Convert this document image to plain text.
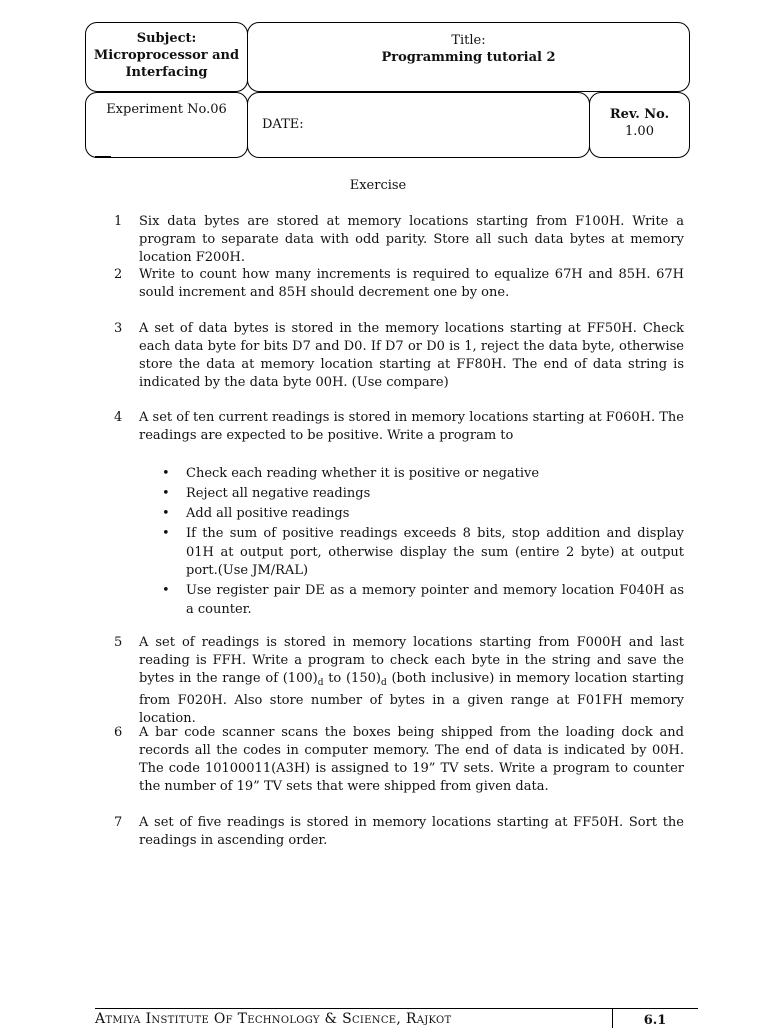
Subject:
Microprocessor and
Interfacing
Title:
Programming tutorial 2
Experiment No.06
DATE:
Rev. No.
1.00
Exercise
1	Six data bytes are stored at memory locations starting from F100H. Write a program to separate data with odd parity. Store all such data bytes at memory location F200H.
2	Write to count how many increments is required to equalize 67H and 85H. 67H sould increment and 85H should decrement one by one.
3	A set of data bytes is stored in the memory locations starting at FF50H. Check each data byte for bits D7 and D0. If D7 or D0 is 1, reject the data byte, otherwise store the data at memory location starting at FF80H. The end of data string is indicated by the data byte 00H. (Use compare)
4	A set of ten current readings is stored in memory locations starting at F060H. The readings are expected to be positive. Write a program to
• Check each reading whether it is positive or negative
• Reject all negative readings
• Add all positive readings
• If the sum of positive readings exceeds 8 bits, stop addition and display 01H at output port, otherwise display the sum (entire 2 byte) at output port.(Use JM/RAL)
• Use register pair DE as a memory pointer and memory location F040H as a counter.
5	A set of readings is stored in memory locations starting from F000H and last reading is FFH. Write a program to check each byte in the string and save the bytes in the range of $(100)_d$ to $(150)_d$ (both inclusive) in memory location starting from F020H. Also store number of bytes in a given range at F01FH memory location.
6	A bar code scanner scans the boxes being shipped from the loading dock and records all the codes in computer memory. The end of data is indicated by 00H. The code 10100011(A3H) is assigned to 19” TV sets. Write a program to counter the number of 19” TV sets that were shipped from given data.
7	A set of five readings is stored in memory locations starting at FF50H. Sort the readings in ascending order.
Atmiya Institute Of Technology & Science, Rajkot	6.1
